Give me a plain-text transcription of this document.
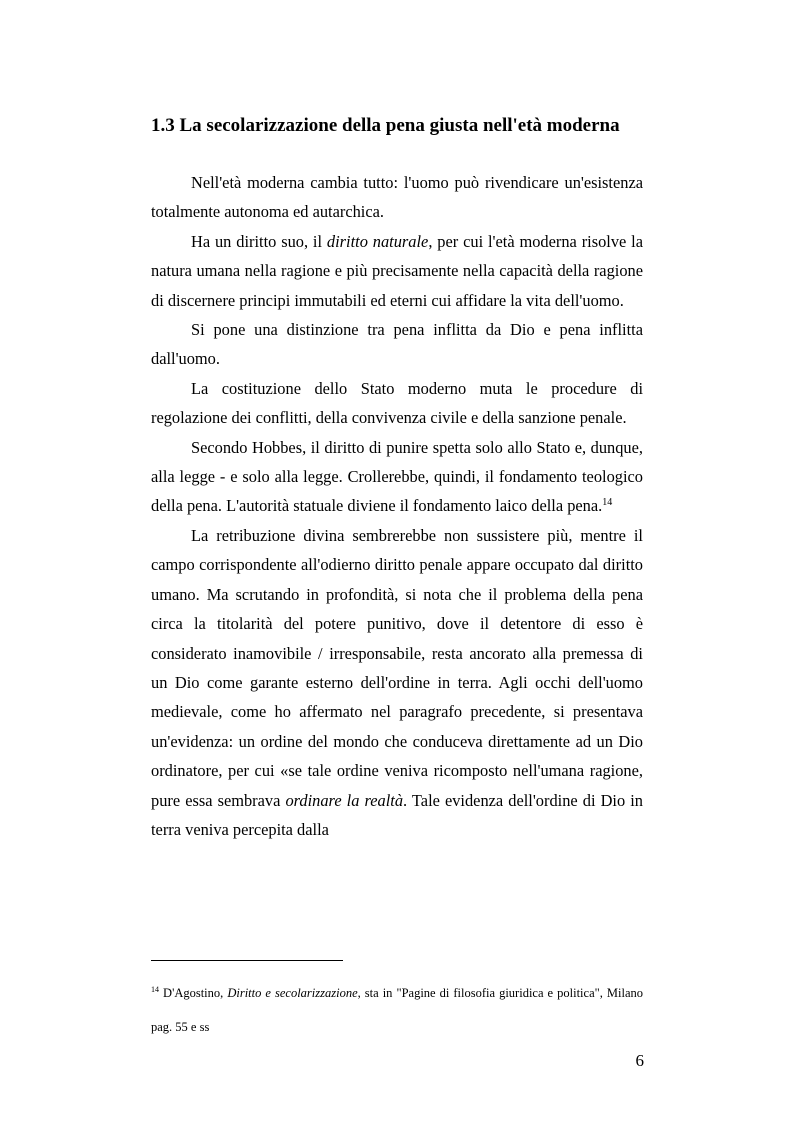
1.3 La secolarizzazione della pena giusta nell'età moderna

Nell'età moderna cambia tutto: l'uomo può rivendicare un'esistenza totalmente autonoma ed autarchica.

Ha un diritto suo, il diritto naturale, per cui l'età moderna risolve la natura umana nella ragione e più precisamente nella capacità della ragione di discernere principi immutabili ed eterni cui affidare la vita dell'uomo.

Si pone una distinzione tra pena inflitta da Dio e pena inflitta dall'uomo.

La costituzione dello Stato moderno muta le procedure di regolazione dei conflitti, della convivenza civile e della sanzione penale.

Secondo Hobbes, il diritto di punire spetta solo allo Stato e, dunque, alla legge - e solo alla legge. Crollerebbe, quindi, il fondamento teologico della pena. L'autorità statuale diviene il fondamento laico della pena.$^{14}$

La retribuzione divina sembrerebbe non sussistere più, mentre il campo corrispondente all'odierno diritto penale appare occupato dal diritto umano. Ma scrutando in profondità, si nota che il problema della pena circa la titolarità del potere punitivo, dove il detentore di esso è considerato inamovibile / irresponsabile, resta ancorato alla premessa di un Dio come garante esterno dell'ordine in terra. Agli occhi dell'uomo medievale, come ho affermato nel paragrafo precedente, si presentava un'evidenza: un ordine del mondo che conduceva direttamente ad un Dio ordinatore, per cui «se tale ordine veniva ricomposto nell'umana ragione, pure essa sembrava ordinare la realtà. Tale evidenza dell'ordine di Dio in terra veniva percepita dalla

$^{14}$ D'Agostino, Diritto e secolarizzazione, sta in "Pagine di filosofia giuridica e politica", Milano pag. 55 e ss
6
